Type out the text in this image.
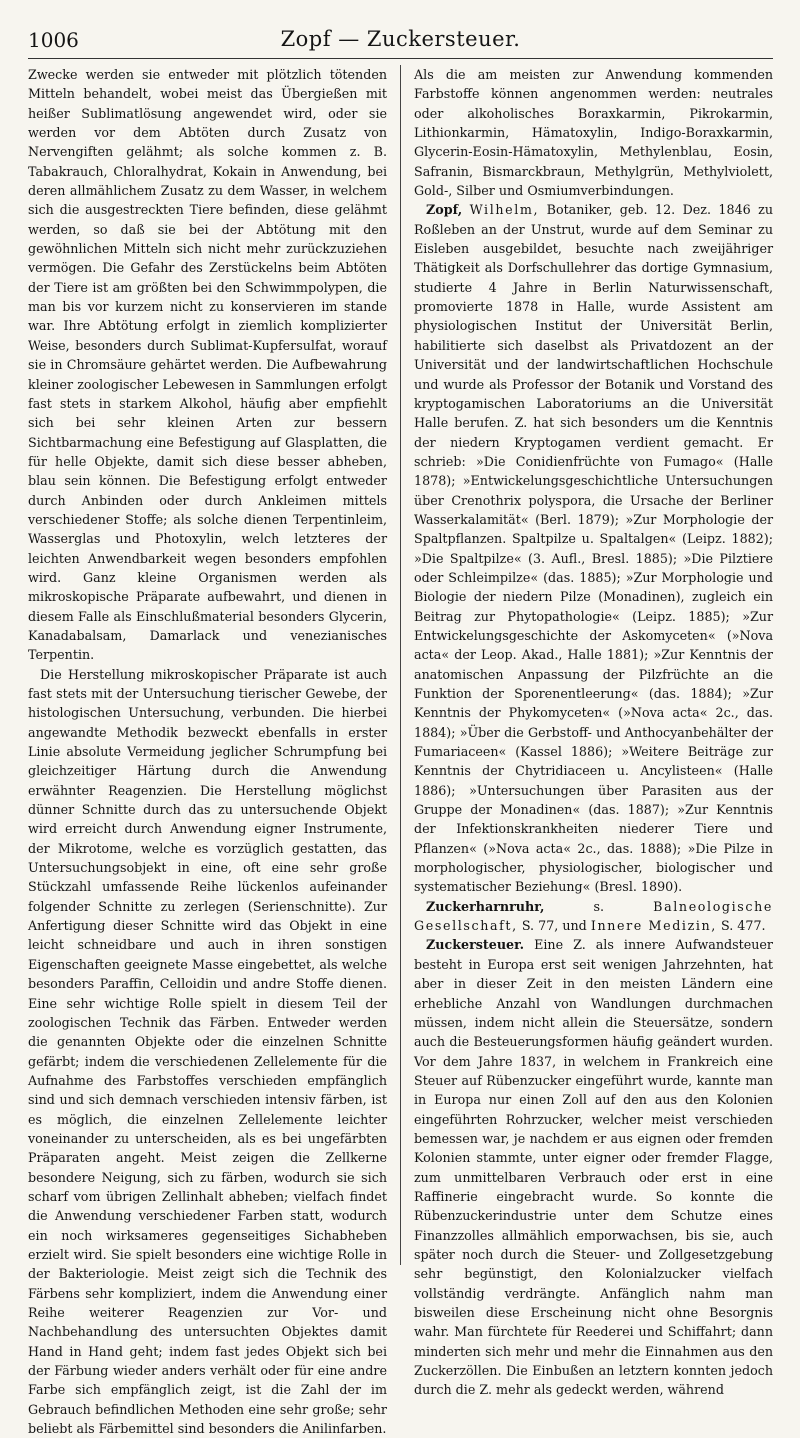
1006	Zopf — Zuckersteuer.

Zwecke werden sie entweder mit plötzlich tötenden Mitteln behandelt, wobei meist das Übergießen mit heißer Sublimatlösung angewendet wird, oder sie werden vor dem Abtöten durch Zusatz von Nervengiften gelähmt; als solche kommen z. B. Tabakrauch, Chloralhydrat, Kokain in Anwendung, bei deren allmählichem Zusatz zu dem Wasser, in welchem sich die ausgestreckten Tiere befinden, diese gelähmt werden, so daß sie bei der Abtötung mit den gewöhnlichen Mitteln sich nicht mehr zurückzuziehen vermögen. Die Gefahr des Zerstückelns beim Abtöten der Tiere ist am größten bei den Schwimmpolypen, die man bis vor kurzem nicht zu konservieren im stande war. Ihre Abtötung erfolgt in ziemlich komplizierter Weise, besonders durch Sublimat-Kupfersulfat, worauf sie in Chromsäure gehärtet werden. Die Aufbewahrung kleiner zoologischer Lebewesen in Sammlungen erfolgt fast stets in starkem Alkohol, häufig aber empfiehlt sich bei sehr kleinen Arten zur bessern Sichtbarmachung eine Befestigung auf Glasplatten, die für helle Objekte, damit sich diese besser abheben, blau sein können. Die Befestigung erfolgt entweder durch Anbinden oder durch Ankleimen mittels verschiedener Stoffe; als solche dienen Terpentinleim, Wasserglas und Photoxylin, welch letzteres der leichten Anwendbarkeit wegen besonders empfohlen wird. Ganz kleine Organismen werden als mikroskopische Präparate aufbewahrt, und dienen in diesem Falle als Einschlußmaterial besonders Glycerin, Kanadabalsam, Damarlack und venezianisches Terpentin.

Die Herstellung mikroskopischer Präparate ist auch fast stets mit der Untersuchung tierischer Gewebe, der histologischen Untersuchung, verbunden. Die hierbei angewandte Methodik bezweckt ebenfalls in erster Linie absolute Vermeidung jeglicher Schrumpfung bei gleichzeitiger Härtung durch die Anwendung erwähnter Reagenzien. Die Herstellung möglichst dünner Schnitte durch das zu untersuchende Objekt wird erreicht durch Anwendung eigner Instrumente, der Mikrotome, welche es vorzüglich gestatten, das Untersuchungsobjekt in eine, oft eine sehr große Stückzahl umfassende Reihe lückenlos aufeinander folgender Schnitte zu zerlegen (Serienschnitte). Zur Anfertigung dieser Schnitte wird das Objekt in eine leicht schneidbare und auch in ihren sonstigen Eigenschaften geeignete Masse eingebettet, als welche besonders Paraffin, Celloidin und andre Stoffe dienen. Eine sehr wichtige Rolle spielt in diesem Teil der zoologischen Technik das Färben. Entweder werden die genannten Objekte oder die einzelnen Schnitte gefärbt; indem die verschiedenen Zellelemente für die Aufnahme des Farbstoffes verschieden empfänglich sind und sich demnach verschieden intensiv färben, ist es möglich, die einzelnen Zellelemente leichter voneinander zu unterscheiden, als es bei ungefärbten Präparaten angeht. Meist zeigen die Zellkerne besondere Neigung, sich zu färben, wodurch sie sich scharf vom übrigen Zellinhalt abheben; vielfach findet die Anwendung verschiedener Farben statt, wodurch ein noch wirksameres gegenseitiges Sichabheben erzielt wird. Sie spielt besonders eine wichtige Rolle in der Bakteriologie. Meist zeigt sich die Technik des Färbens sehr kompliziert, indem die Anwendung einer Reihe weiterer Reagenzien zur Vor- und Nachbehandlung des untersuchten Objektes damit Hand in Hand geht; indem fast jedes Objekt sich bei der Färbung wieder anders verhält oder für eine andre Farbe sich empfänglich zeigt, ist die Zahl der im Gebrauch befindlichen Methoden eine sehr große; sehr beliebt als Färbemittel sind besonders die Anilinfarben.

Als die am meisten zur Anwendung kommenden Farbstoffe können angenommen werden: neutrales oder alkoholisches Boraxkarmin, Pikrokarmin, Lithionkarmin, Hämatoxylin, Indigo-Boraxkarmin, Glycerin-Eosin-Hämatoxylin, Methylenblau, Eosin, Safranin, Bismarckbraun, Methylgrün, Methylviolett, Gold-, Silber und Osmiumverbindungen.

Zopf, Wilhelm, Botaniker, geb. 12. Dez. 1846 zu Roßleben an der Unstrut, wurde auf dem Seminar zu Eisleben ausgebildet, besuchte nach zweijähriger Thätigkeit als Dorfschullehrer das dortige Gymnasium, studierte 4 Jahre in Berlin Naturwissenschaft, promovierte 1878 in Halle, wurde Assistent am physiologischen Institut der Universität Berlin, habilitierte sich daselbst als Privatdozent an der Universität und der landwirtschaftlichen Hochschule und wurde als Professor der Botanik und Vorstand des kryptogamischen Laboratoriums an die Universität Halle berufen. Z. hat sich besonders um die Kenntnis der niedern Kryptogamen verdient gemacht. Er schrieb: »Die Conidienfrüchte von Fumago« (Halle 1878); »Entwickelungsgeschichtliche Untersuchungen über Crenothrix polyspora, die Ursache der Berliner Wasserkalamität« (Berl. 1879); »Zur Morphologie der Spaltpflanzen. Spaltpilze u. Spaltalgen« (Leipz. 1882); »Die Spaltpilze« (3. Aufl., Bresl. 1885); »Die Pilztiere oder Schleimpilze« (das. 1885); »Zur Morphologie und Biologie der niedern Pilze (Monadinen), zugleich ein Beitrag zur Phytopathologie« (Leipz. 1885); »Zur Entwickelungsgeschichte der Askomyceten« (»Nova acta« der Leop. Akad., Halle 1881); »Zur Kenntnis der anatomischen Anpassung der Pilzfrüchte an die Funktion der Sporenentleerung« (das. 1884); »Zur Kenntnis der Phykomyceten« (»Nova acta« 2c., das. 1884); »Über die Gerbstoff- und Anthocyanbehälter der Fumariaceen« (Kassel 1886); »Weitere Beiträge zur Kenntnis der Chytridiaceen u. Ancylisteen« (Halle 1886); »Untersuchungen über Parasiten aus der Gruppe der Monadinen« (das. 1887); »Zur Kenntnis der Infektionskrankheiten niederer Tiere und Pflanzen« (»Nova acta« 2c., das. 1888); »Die Pilze in morphologischer, physiologischer, biologischer und systematischer Beziehung« (Bresl. 1890).

Zuckerharnruhr,	s.	Balneologische Gesellschaft, S. 77, und Innere Medizin, S. 477.

Zuckersteuer. Eine Z. als innere Aufwandsteuer besteht in Europa erst seit wenigen Jahrzehnten, hat aber in dieser Zeit in den meisten Ländern eine erhebliche Anzahl von Wandlungen durchmachen müssen, indem nicht allein die Steuersätze, sondern auch die Besteuerungsformen häufig geändert wurden. Vor dem Jahre 1837, in welchem in Frankreich eine Steuer auf Rübenzucker eingeführt wurde, kannte man in Europa nur einen Zoll auf den aus den Kolonien eingeführten Rohrzucker, welcher meist verschieden bemessen war, je nachdem er aus eignen oder fremden Kolonien stammte, unter eigner oder fremder Flagge, zum unmittelbaren Verbrauch oder erst in eine Raffinerie eingebracht wurde. So konnte die Rübenzuckerindustrie unter dem Schutze eines Finanzzolles allmählich emporwachsen, bis sie, auch später noch durch die Steuer- und Zollgesetzgebung sehr begünstigt, den Kolonialzucker vielfach vollständig verdrängte. Anfänglich nahm man bisweilen diese Erscheinung nicht ohne Besorgnis wahr. Man fürchtete für Reederei und Schiffahrt; dann minderten sich mehr und mehr die Einnahmen aus den Zuckerzöllen. Die Einbußen an letztern konnten jedoch durch die Z. mehr als gedeckt werden, während
